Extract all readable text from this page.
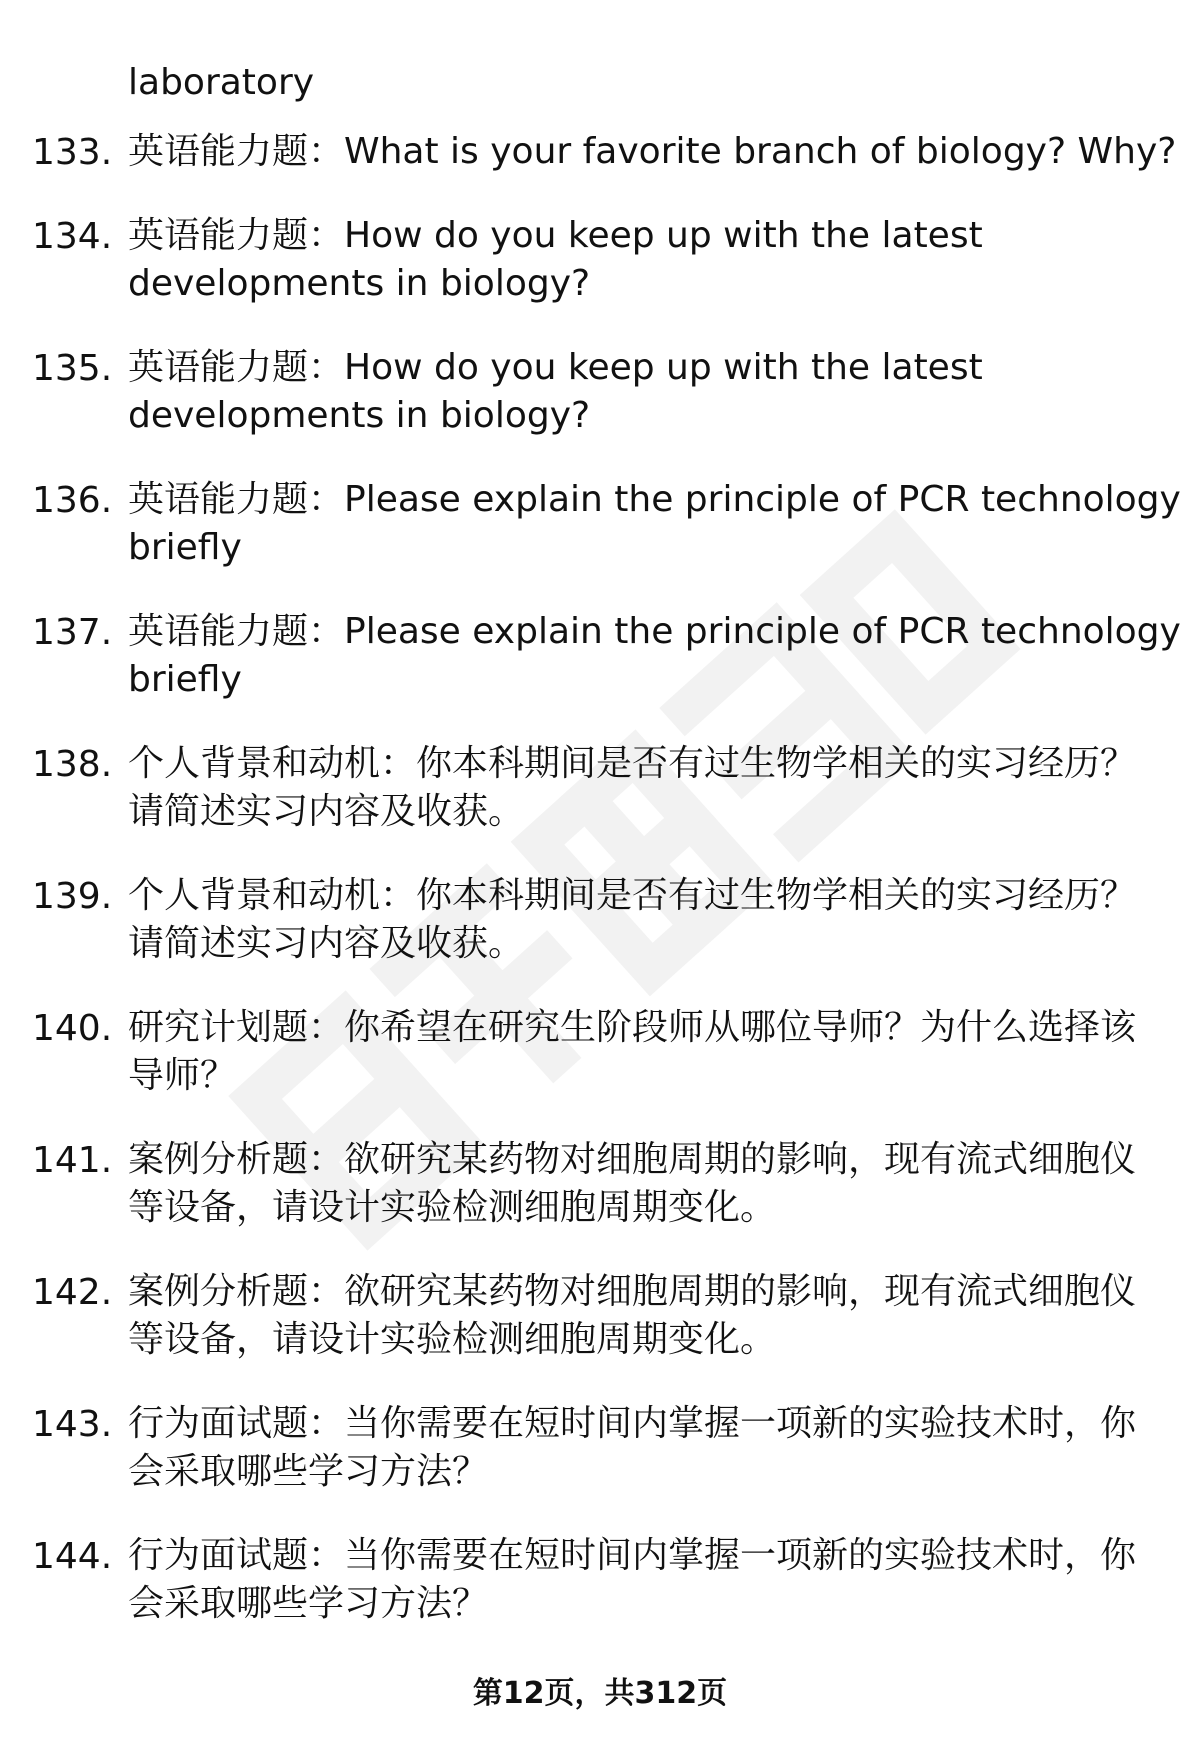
laboratory
133. 英语能力题：What is your favorite branch of biology? Why?
134. 英语能力题：How do you keep up with the latest
developments in biology?
135. 英语能力题：How do you keep up with the latest
developments in biology?
136. 英语能力题：Please explain the principle of PCR technology
briefly
137. 英语能力题：Please explain the principle of PCR technology
briefly
138. 个人背景和动机：你本科期间是否有过生物学相关的实习经历？
请简述实习内容及收获。
139. 个人背景和动机：你本科期间是否有过生物学相关的实习经历？
请简述实习内容及收获。
140. 研究计划题：你希望在研究生阶段师从哪位导师？为什么选择该
导师？
141. 案例分析题：欲研究某药物对细胞周期的影响，现有流式细胞仪
等设备，请设计实验检测细胞周期变化。
142. 案例分析题：欲研究某药物对细胞周期的影响，现有流式细胞仪
等设备，请设计实验检测细胞周期变化。
143. 行为面试题：当你需要在短时间内掌握一项新的实验技术时，你
会采取哪些学习方法？
144. 行为面试题：当你需要在短时间内掌握一项新的实验技术时，你
会采取哪些学习方法？
第12页，共312页
